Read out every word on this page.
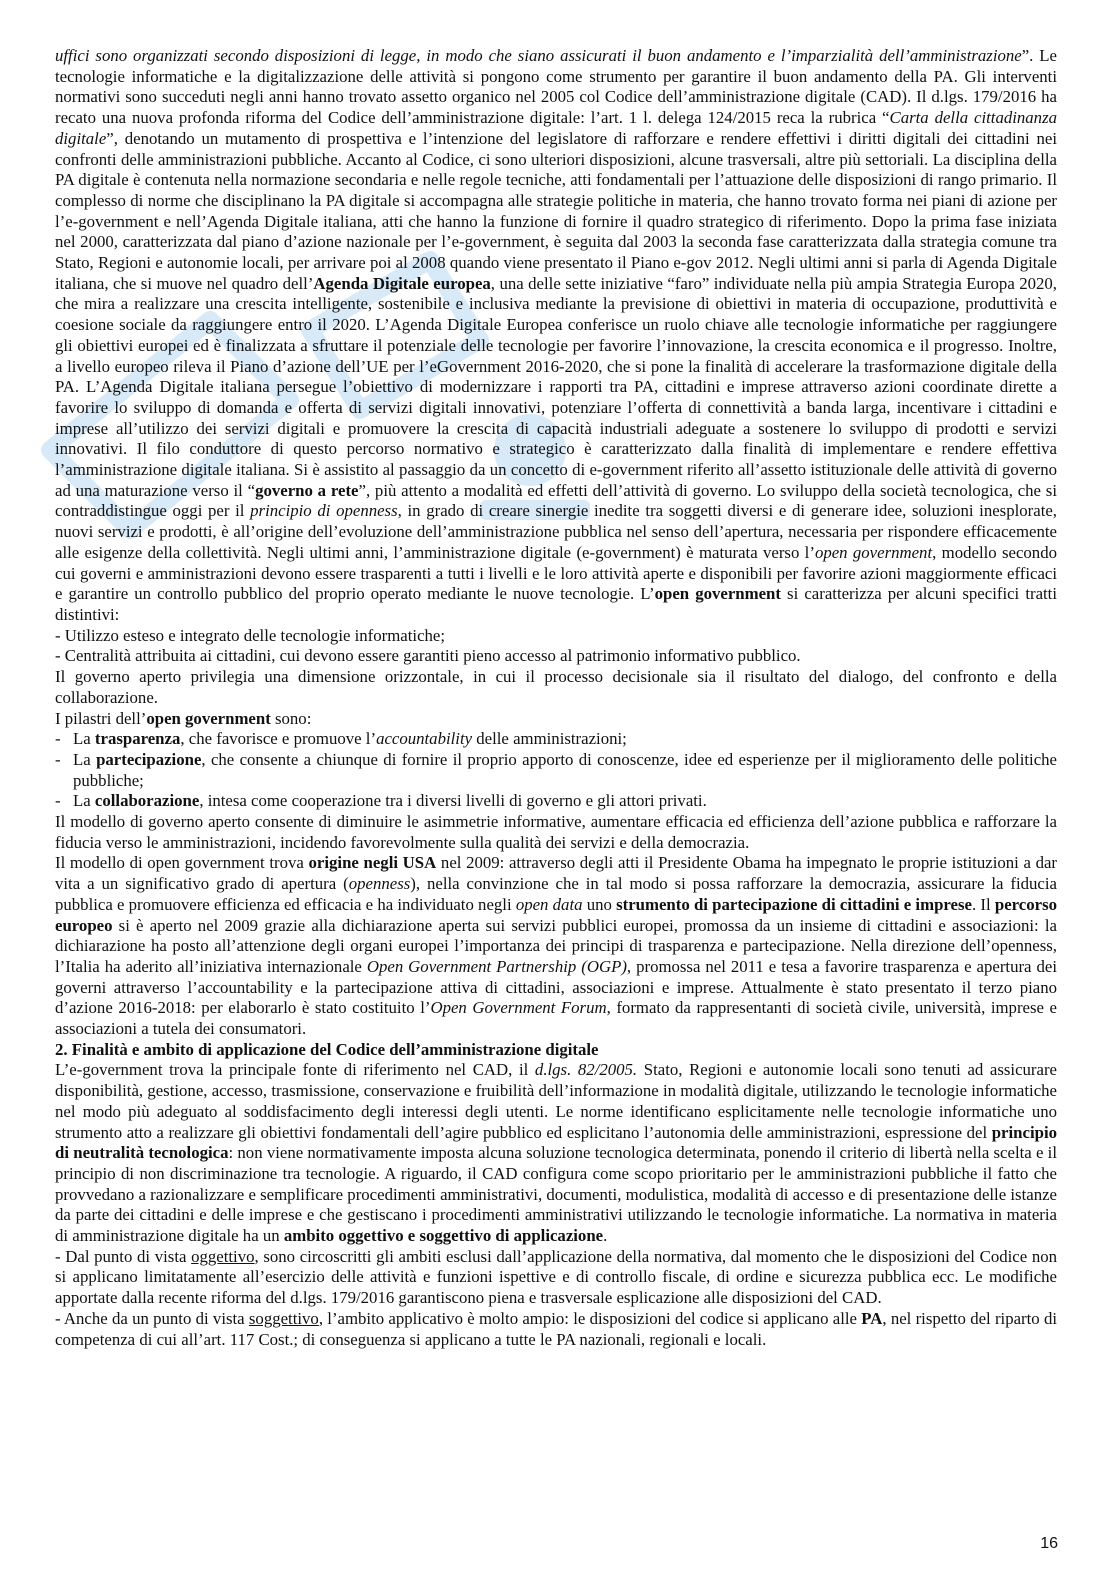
uffici sono organizzati secondo disposizioni di legge, in modo che siano assicurati il buon andamento e l’imparzialità dell’amministrazione”. Le tecnologie informatiche e la digitalizzazione delle attività si pongono come strumento per garantire il buon andamento della PA. Gli interventi normativi sono succeduti negli anni hanno trovato assetto organico nel 2005 col Codice dell’amministrazione digitale (CAD). Il d.lgs. 179/2016 ha recato una nuova profonda riforma del Codice dell’amministrazione digitale: l’art. 1 l. delega 124/2015 reca la rubrica “Carta della cittadinanza digitale”, denotando un mutamento di prospettiva e l’intenzione del legislatore di rafforzare e rendere effettivi i diritti digitali dei cittadini nei confronti delle amministrazioni pubbliche. Accanto al Codice, ci sono ulteriori disposizioni, alcune trasversali, altre più settoriali. La disciplina della PA digitale è contenuta nella normazione secondaria e nelle regole tecniche, atti fondamentali per l’attuazione delle disposizioni di rango primario. Il complesso di norme che disciplinano la PA digitale si accompagna alle strategie politiche in materia, che hanno trovato forma nei piani di azione per l’e-government e nell’Agenda Digitale italiana, atti che hanno la funzione di fornire il quadro strategico di riferimento. Dopo la prima fase iniziata nel 2000, caratterizzata dal piano d’azione nazionale per l’e-government, è seguita dal 2003 la seconda fase caratterizzata dalla strategia comune tra Stato, Regioni e autonomie locali, per arrivare poi al 2008 quando viene presentato il Piano e-gov 2012. Negli ultimi anni si parla di Agenda Digitale italiana, che si muove nel quadro dell’Agenda Digitale europea, una delle sette iniziative “faro” individuate nella più ampia Strategia Europa 2020, che mira a realizzare una crescita intelligente, sostenibile e inclusiva mediante la previsione di obiettivi in materia di occupazione, produttività e coesione sociale da raggiungere entro il 2020. L’Agenda Digitale Europea conferisce un ruolo chiave alle tecnologie informatiche per raggiungere gli obiettivi europei ed è finalizzata a sfruttare il potenziale delle tecnologie per favorire l’innovazione, la crescita economica e il progresso. Inoltre, a livello europeo rileva il Piano d’azione dell’UE per l’eGovernment 2016-2020, che si pone la finalità di accelerare la trasformazione digitale della PA. L’Agenda Digitale italiana persegue l’obiettivo di modernizzare i rapporti tra PA, cittadini e imprese attraverso azioni coordinate dirette a favorire lo sviluppo di domanda e offerta di servizi digitali innovativi, potenziare l’offerta di connettività a banda larga, incentivare i cittadini e imprese all’utilizzo dei servizi digitali e promuovere la crescita di capacità industriali adeguate a sostenere lo sviluppo di prodotti e servizi innovativi. Il filo conduttore di questo percorso normativo e strategico è caratterizzato dalla finalità di implementare e rendere effettiva l’amministrazione digitale italiana. Si è assistito al passaggio da un concetto di e-government riferito all’assetto istituzionale delle attività di governo ad una maturazione verso il “governo a rete”, più attento a modalità ed effetti dell’attività di governo. Lo sviluppo della società tecnologica, che si contraddistingue oggi per il principio di openness, in grado di creare sinergie inedite tra soggetti diversi e di generare idee, soluzioni inesplorate, nuovi servizi e prodotti, è all’origine dell’evoluzione dell’amministrazione pubblica nel senso dell’apertura, necessaria per rispondere efficacemente alle esigenze della collettività. Negli ultimi anni, l’amministrazione digitale (e-government) è maturata verso l’open government, modello secondo cui governi e amministrazioni devono essere trasparenti a tutti i livelli e le loro attività aperte e disponibili per favorire azioni maggiormente efficaci e garantire un controllo pubblico del proprio operato mediante le nuove tecnologie. L’open government si caratterizza per alcuni specifici tratti distintivi:

- Utilizzo esteso e integrato delle tecnologie informatiche;
- Centralità attribuita ai cittadini, cui devono essere garantiti pieno accesso al patrimonio informativo pubblico.

Il governo aperto privilegia una dimensione orizzontale, in cui il processo decisionale sia il risultato del dialogo, del confronto e della collaborazione.

I pilastri dell’open government sono:

- La trasparenza, che favorisce e promuove l’accountability delle amministrazioni;
- La partecipazione, che consente a chiunque di fornire il proprio apporto di conoscenze, idee ed esperienze per il miglioramento delle politiche pubbliche;
- La collaborazione, intesa come cooperazione tra i diversi livelli di governo e gli attori privati.

Il modello di governo aperto consente di diminuire le asimmetrie informative, aumentare efficacia ed efficienza dell’azione pubblica e rafforzare la fiducia verso le amministrazioni, incidendo favorevolmente sulla qualità dei servizi e della democrazia.

Il modello di open government trova origine negli USA nel 2009: attraverso degli atti il Presidente Obama ha impegnato le proprie istituzioni a dar vita a un significativo grado di apertura (openness), nella convinzione che in tal modo si possa rafforzare la democrazia, assicurare la fiducia pubblica e promuovere efficienza ed efficacia e ha individuato negli open data uno strumento di partecipazione di cittadini e imprese. Il percorso europeo si è aperto nel 2009 grazie alla dichiarazione aperta sui servizi pubblici europei, promossa da un insieme di cittadini e associazioni: la dichiarazione ha posto all’attenzione degli organi europei l’importanza dei principi di trasparenza e partecipazione. Nella direzione dell’openness, l’Italia ha aderito all’iniziativa internazionale Open Government Partnership (OGP), promossa nel 2011 e tesa a favorire trasparenza e apertura dei governi attraverso l’accountability e la partecipazione attiva di cittadini, associazioni e imprese. Attualmente è stato presentato il terzo piano d’azione 2016-2018: per elaborarlo è stato costituito l’Open Government Forum, formato da rappresentanti di società civile, università, imprese e associazioni a tutela dei consumatori.

2. Finalità e ambito di applicazione del Codice dell’amministrazione digitale

L’e-government trova la principale fonte di riferimento nel CAD, il d.lgs. 82/2005. Stato, Regioni e autonomie locali sono tenuti ad assicurare disponibilità, gestione, accesso, trasmissione, conservazione e fruibilità dell’informazione in modalità digitale, utilizzando le tecnologie informatiche nel modo più adeguato al soddisfacimento degli interessi degli utenti. Le norme identificano esplicitamente nelle tecnologie informatiche uno strumento atto a realizzare gli obiettivi fondamentali dell’agire pubblico ed esplicitano l’autonomia delle amministrazioni, espressione del principio di neutralità tecnologica: non viene normativamente imposta alcuna soluzione tecnologica determinata, ponendo il criterio di libertà nella scelta e il principio di non discriminazione tra tecnologie. A riguardo, il CAD configura come scopo prioritario per le amministrazioni pubbliche il fatto che provvedano a razionalizzare e semplificare procedimenti amministrativi, documenti, modulistica, modalità di accesso e di presentazione delle istanze da parte dei cittadini e delle imprese e che gestiscano i procedimenti amministrativi utilizzando le tecnologie informatiche. La normativa in materia di amministrazione digitale ha un ambito oggettivo e soggettivo di applicazione.

- Dal punto di vista oggettivo, sono circoscritti gli ambiti esclusi dall’applicazione della normativa, dal momento che le disposizioni del Codice non si applicano limitatamente all’esercizio delle attività e funzioni ispettive e di controllo fiscale, di ordine e sicurezza pubblica ecc. Le modifiche apportate dalla recente riforma del d.lgs. 179/2016 garantiscono piena e trasversale esplicazione alle disposizioni del CAD.

- Anche da un punto di vista soggettivo, l’ambito applicativo è molto ampio: le disposizioni del codice si applicano alle PA, nel rispetto del riparto di competenza di cui all’art. 117 Cost.; di conseguenza si applicano a tutte le PA nazionali, regionali e locali.

16
